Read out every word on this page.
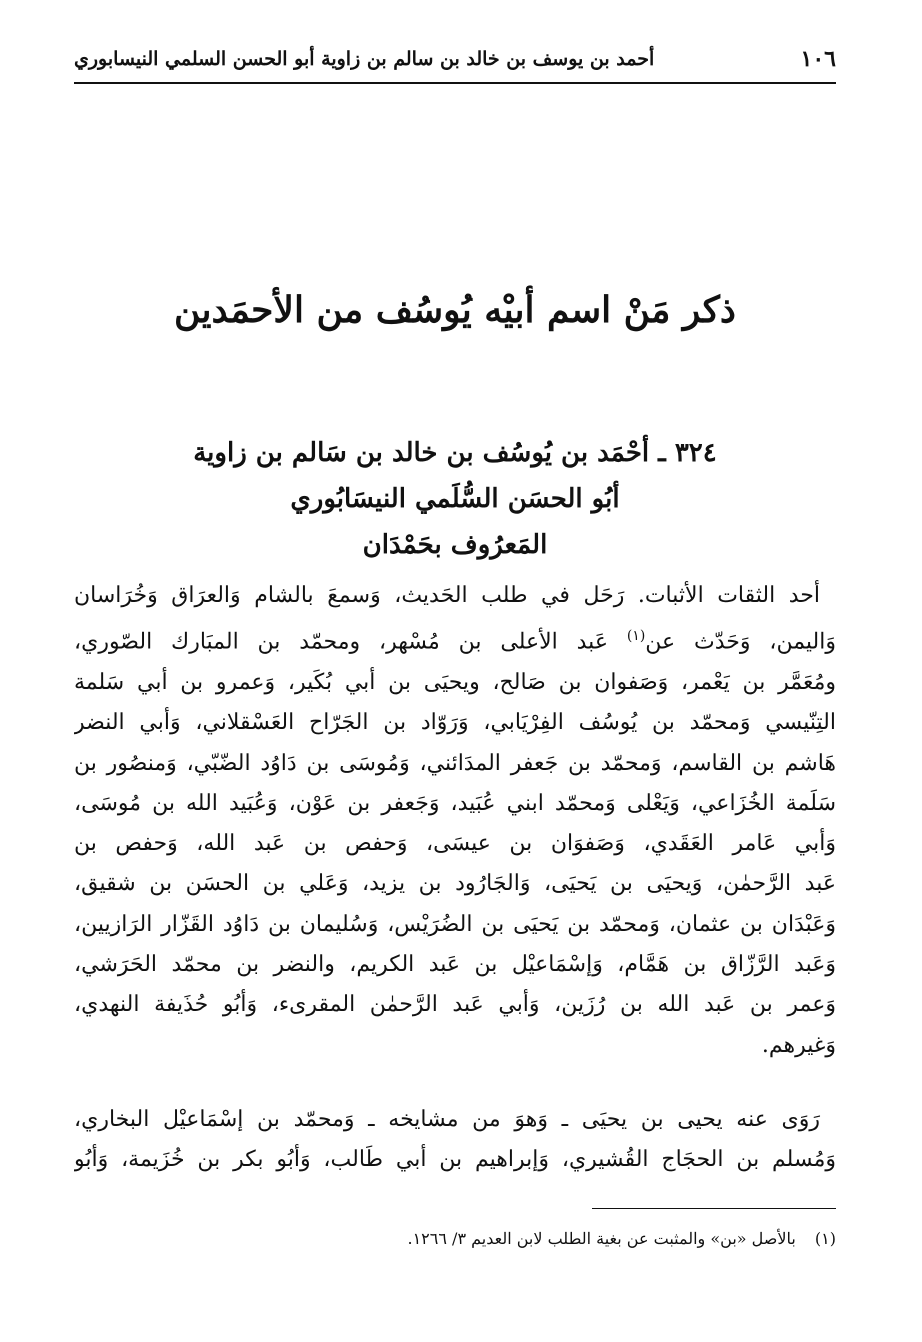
١٠٦
أحمد بن يوسف بن خالد بن سالم بن زاوية أبو الحسن السلمي النيسابوري
ذكر مَنْ اسم أبيْه يُوسُف من الأحمَدين
٣٢٤ ـ أحْمَد بن يُوسُف بن خالد بن سَالم بن زاوية
أبُو الحسَن السُّلَمي النيسَابُوري
المَعرُوف بحَمْدَان
أحد الثقات الأثبات. رَحَل في طلب الحَديث، وَسمعَ بالشام وَالعرَاق وَخُرَاسان
وَاليمن، وَحَدّث عن$^{(١)}$ عَبد الأعلى بن مُسْهر، ومحمّد بن المبَارك الصّوري،
ومُعَمَّر بن يَعْمر، وَصَفوان بن صَالح، ويحيَى بن أبي بُكَير، وَعمرو بن أبي سَلمة
التِنّيسي وَمحمّد بن يُوسُف الفِرْيَابي، وَرَوّاد بن الجَرّاح العَسْقلاني، وَأبي النضر
هَاشم بن القاسم، وَمحمّد بن جَعفر المدَائني، وَمُوسَى بن دَاوُد الضّبّي، وَمنصُور بن
سَلَمة الخُزَاعي، وَيَعْلى وَمحمّد ابني عُبَيد، وَجَعفر بن عَوْن، وَعُبَيد الله بن مُوسَى،
وَأبي عَامر العَقَدي، وَصَفوَان بن عيسَى، وَحفص بن عَبد الله، وَحفص بن
عَبد الرَّحمٰن، وَيحيَى بن يَحيَى، وَالجَارُود بن يزيد، وَعَلي بن الحسَن بن شقيق،
وَعَبْدَان بن عثمان، وَمحمّد بن يَحيَى بن الضُرَيْس، وَسُليمان بن دَاوُد القَزّار الرَازيين،
وَعَبد الرَّزّاق بن هَمَّام، وَإسْمَاعيْل بن عَبد الكريم، والنضر بن محمّد الحَرَشي،
وَعمر بن عَبد الله بن رُزَين، وَأبي عَبد الرَّحمٰن المقرىء، وَأبُو حُذَيفة النهدي،
وَغيرهم.
رَوَى عنه يحيى بن يحيَى ـ وَهوَ من مشايخه ـ وَمحمّد بن إسْمَاعيْل البخاري،
وَمُسلم بن الحجَاج القُشيري، وَإبراهيم بن أبي طَالب، وَأبُو بكر بن خُزَيمة، وَأبُو
(١) بالأصل «بن» والمثبت عن بغية الطلب لابن العديم ٣/ ١٢٦٦.
